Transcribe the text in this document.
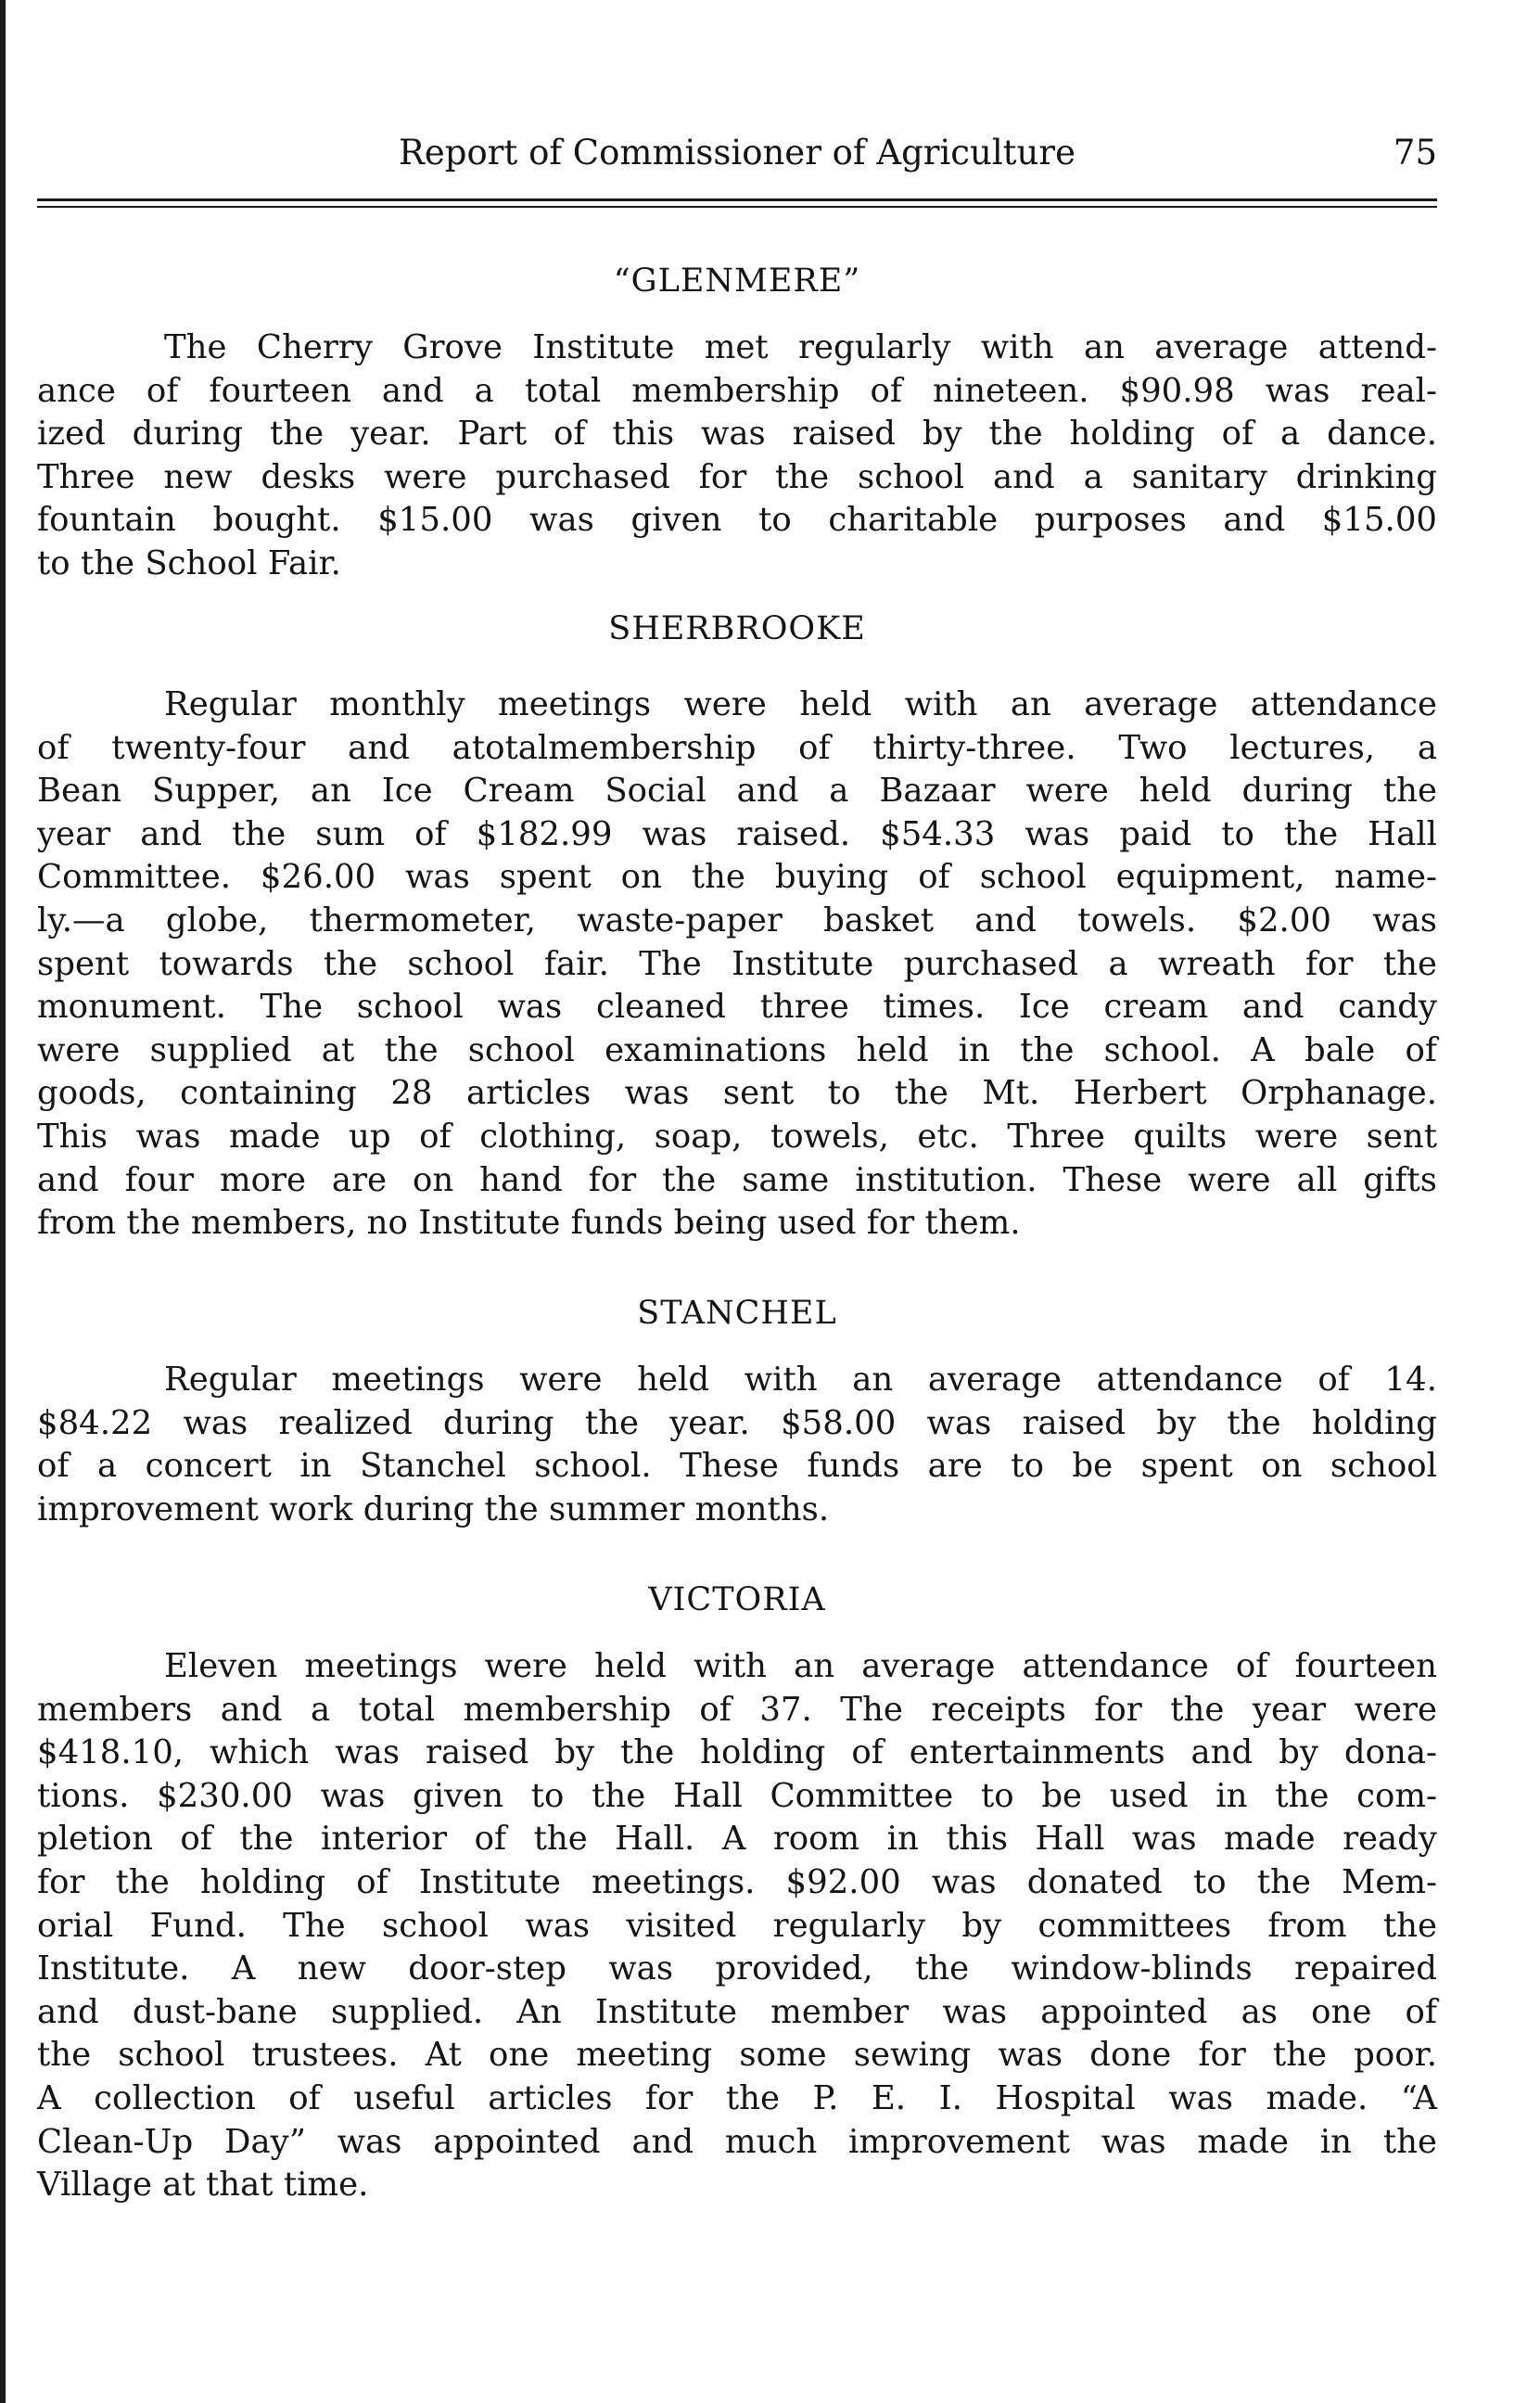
Report of Commissioner of Agriculture	75
“GLENMERE”
The Cherry Grove Institute met regularly with an average attend-
ance of fourteen and a total membership of nineteen. $90.98 was real-
ized during the year. Part of this was raised by the holding of a dance.
Three new desks were purchased for the school and a sanitary drinking
fountain bought. $15.00 was given to charitable purposes and $15.00
to the School Fair.
SHERBROOKE
Regular monthly meetings were held with an average attendance
of twenty-four and atotalmembership of thirty-three. Two lectures, a
Bean Supper, an Ice Cream Social and a Bazaar were held during the
year and the sum of $182.99 was raised. $54.33 was paid to the Hall
Committee. $26.00 was spent on the buying of school equipment, name-
ly.—a globe, thermometer, waste-paper basket and towels. $2.00 was
spent towards the school fair. The Institute purchased a wreath for the
monument. The school was cleaned three times. Ice cream and candy
were supplied at the school examinations held in the school. A bale of
goods, containing 28 articles was sent to the Mt. Herbert Orphanage.
This was made up of clothing, soap, towels, etc. Three quilts were sent
and four more are on hand for the same institution. These were all gifts
from the members, no Institute funds being used for them.
STANCHEL
Regular meetings were held with an average attendance of 14.
$84.22 was realized during the year. $58.00 was raised by the holding
of a concert in Stanchel school. These funds are to be spent on school
improvement work during the summer months.
VICTORIA
Eleven meetings were held with an average attendance of fourteen
members and a total membership of 37. The receipts for the year were
$418.10, which was raised by the holding of entertainments and by dona-
tions. $230.00 was given to the Hall Committee to be used in the com-
pletion of the interior of the Hall. A room in this Hall was made ready
for the holding of Institute meetings. $92.00 was donated to the Mem-
orial Fund. The school was visited regularly by committees from the
Institute. A new door-step was provided, the window-blinds repaired
and dust-bane supplied. An Institute member was appointed as one of
the school trustees. At one meeting some sewing was done for the poor.
A collection of useful articles for the P. E. I. Hospital was made. “A
Clean-Up Day” was appointed and much improvement was made in the
Village at that time.
